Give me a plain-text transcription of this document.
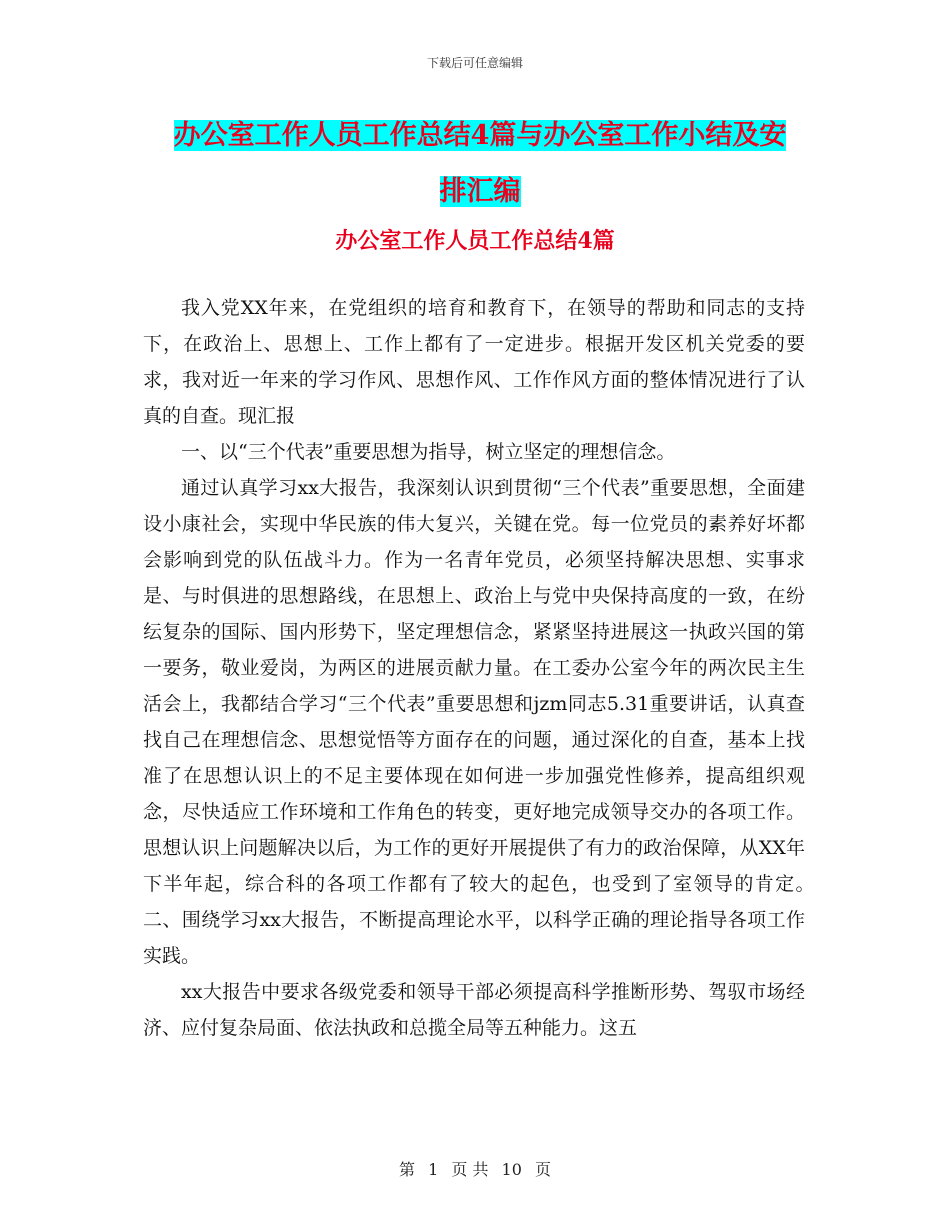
下载后可任意编辑
办公室工作人员工作总结4篇与办公室工作小结及安
排汇编
办公室工作人员工作总结4篇

我入党XX年来，在党组织的培育和教育下，在领导的帮助和同志的支持下，在政治上、思想上、工作上都有了一定进步。根据开发区机关党委的要求，我对近一年来的学习作风、思想作风、工作作风方面的整体情况进行了认真的自查。现汇报

一、以“三个代表”重要思想为指导，树立坚定的理想信念。

通过认真学习xx大报告，我深刻认识到贯彻“三个代表”重要思想，全面建设小康社会，实现中华民族的伟大复兴，关键在党。每一位党员的素养好坏都会影响到党的队伍战斗力。作为一名青年党员，必须坚持解决思想、实事求是、与时俱进的思想路线，在思想上、政治上与党中央保持高度的一致，在纷纭复杂的国际、国内形势下，坚定理想信念，紧紧坚持进展这一执政兴国的第一要务，敬业爱岗，为两区的进展贡献力量。在工委办公室今年的两次民主生活会上，我都结合学习“三个代表”重要思想和jzm同志5.31重要讲话，认真查找自己在理想信念、思想觉悟等方面存在的问题，通过深化的自查，基本上找准了在思想认识上的不足主要体现在如何进一步加强党性修养，提高组织观念，尽快适应工作环境和工作角色的转变，更好地完成领导交办的各项工作。思想认识上问题解决以后，为工作的更好开展提供了有力的政治保障，从XX年下半年起，综合科的各项工作都有了较大的起色，也受到了室领导的肯定。　　　　二、围绕学习xx大报告，不断提高理论水平，以科学正确的理论指导各项工作实践。

xx大报告中要求各级党委和领导干部必须提高科学推断形势、驾驭市场经济、应付复杂局面、依法执政和总揽全局等五种能力。这五

第 1 页 共 10 页
